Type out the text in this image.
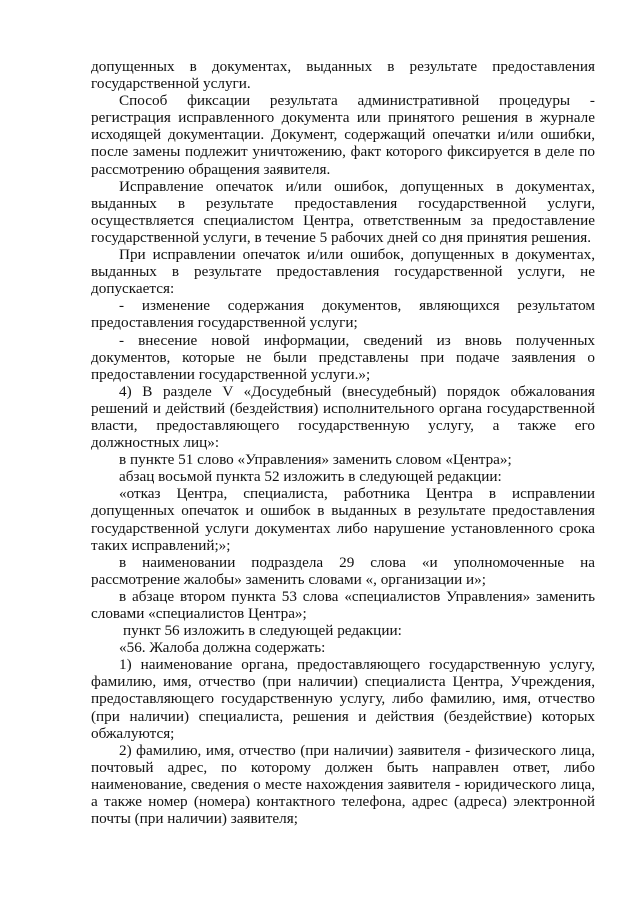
допущенных в документах, выданных в результате предоставления государственной услуги.

Способ фиксации результата административной процедуры - регистрация исправленного документа или принятого решения в журнале исходящей документации. Документ, содержащий опечатки и/или ошибки, после замены подлежит уничтожению, факт которого фиксируется в деле по рассмотрению обращения заявителя.

Исправление опечаток и/или ошибок, допущенных в документах, выданных в результате предоставления государственной услуги, осуществляется специалистом Центра, ответственным за предоставление государственной услуги, в течение 5 рабочих дней со дня принятия решения.

При исправлении опечаток и/или ошибок, допущенных в документах, выданных в результате предоставления государственной услуги, не допускается:

- изменение содержания документов, являющихся результатом предоставления государственной услуги;

- внесение новой информации, сведений из вновь полученных документов, которые не были представлены при подаче заявления о предоставлении государственной услуги.»;

4) В разделе V «Досудебный (внесудебный) порядок обжалования решений и действий (бездействия) исполнительного органа государственной власти, предоставляющего государственную услугу, а также его должностных лиц»:

в пункте 51 слово «Управления» заменить словом «Центра»;

абзац восьмой пункта 52 изложить в следующей редакции:

«отказ Центра, специалиста, работника Центра в исправлении допущенных опечаток и ошибок в выданных в результате предоставления государственной услуги документах либо нарушение установленного срока таких исправлений;»;

в наименовании подраздела 29 слова «и уполномоченные на рассмотрение жалобы» заменить словами «, организации и»;

в абзаце втором пункта 53 слова «специалистов Управления» заменить словами «специалистов Центра»;

пункт 56 изложить в следующей редакции:

«56. Жалоба должна содержать:

1) наименование органа, предоставляющего государственную услугу, фамилию, имя, отчество (при наличии) специалиста Центра, Учреждения, предоставляющего государственную услугу, либо фамилию, имя, отчество (при наличии) специалиста, решения и действия (бездействие) которых обжалуются;

2) фамилию, имя, отчество (при наличии) заявителя - физического лица, почтовый адрес, по которому должен быть направлен ответ, либо наименование, сведения о месте нахождения заявителя - юридического лица, а также номер (номера) контактного телефона, адрес (адреса) электронной почты (при наличии) заявителя;
